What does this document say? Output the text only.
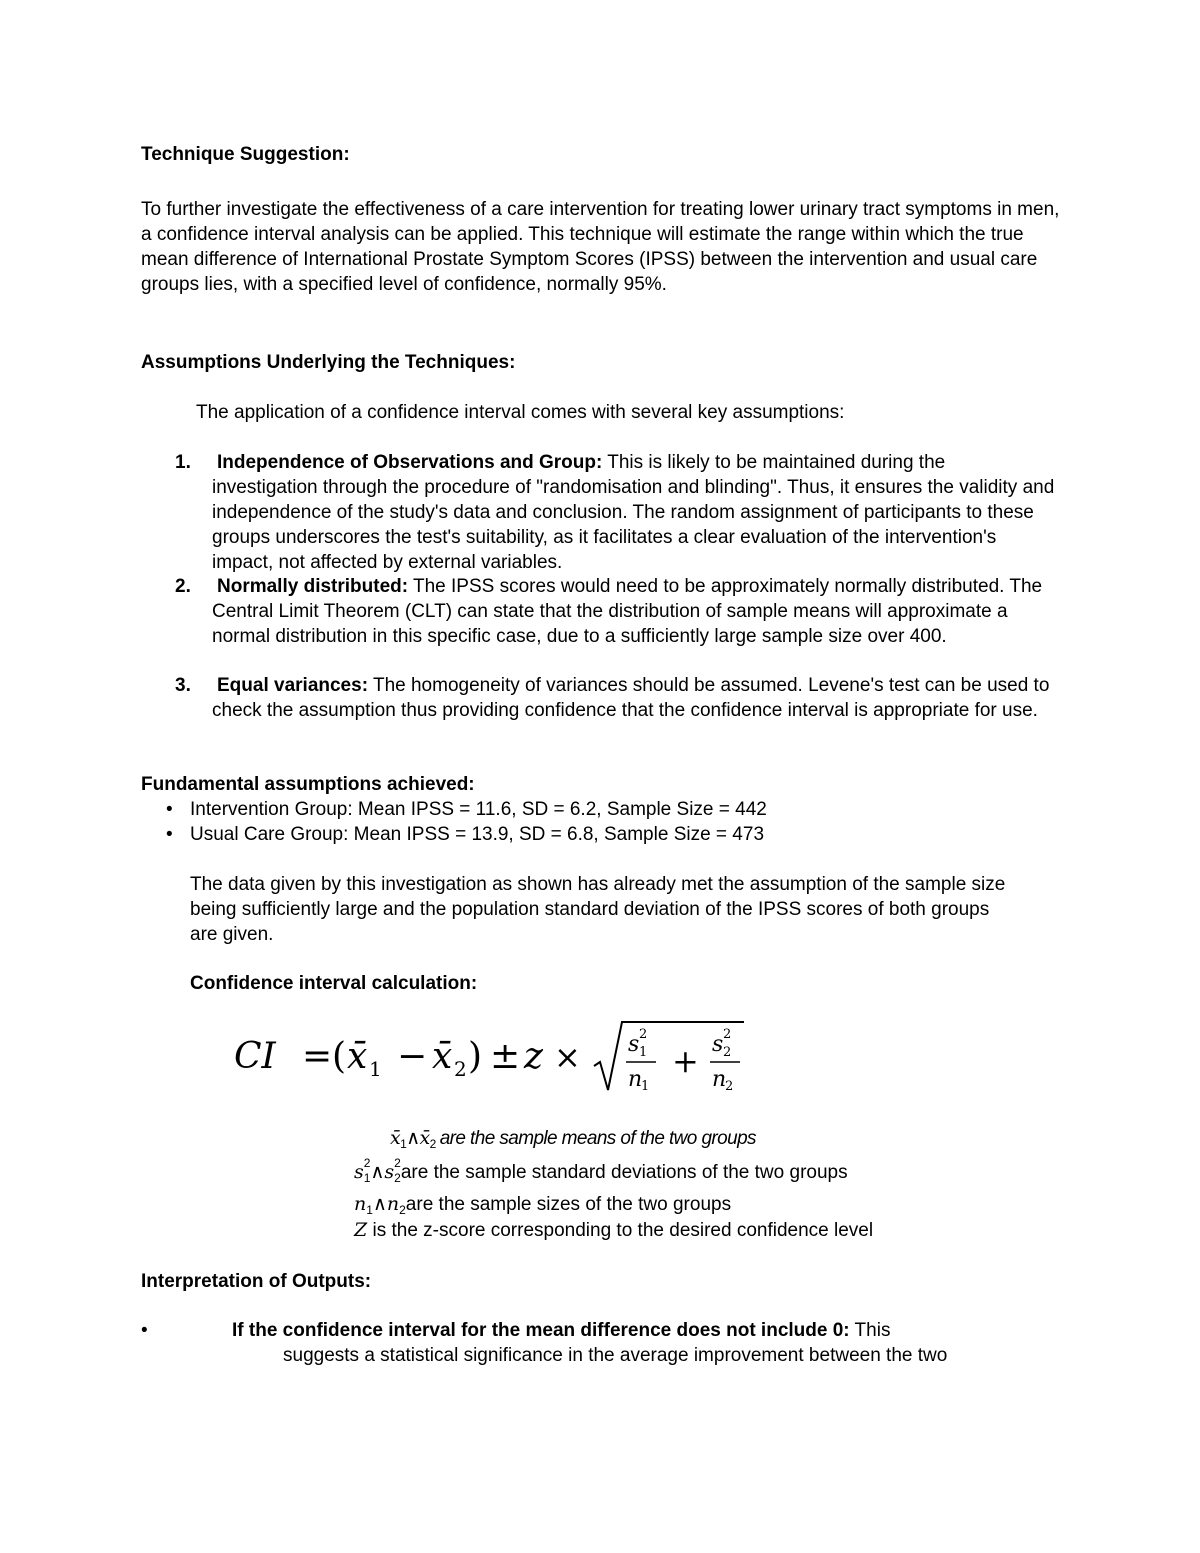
Technique Suggestion:
To further investigate the effectiveness of a care intervention for treating lower urinary tract symptoms in men, a confidence interval analysis can be applied. This technique will estimate the range within which the true mean difference of International Prostate Symptom Scores (IPSS) between the intervention and usual care groups lies, with a specified level of confidence, normally 95%.
Assumptions Underlying the Techniques:
The application of a confidence interval comes with several key assumptions:
1. Independence of Observations and Group: This is likely to be maintained during the investigation through the procedure of "randomisation and blinding". Thus, it ensures the validity and independence of the study's data and conclusion. The random assignment of participants to these groups underscores the test's suitability, as it facilitates a clear evaluation of the intervention's impact, not affected by external variables.
2. Normally distributed: The IPSS scores would need to be approximately normally distributed. The Central Limit Theorem (CLT) can state that the distribution of sample means will approximate a normal distribution in this specific case, due to a sufficiently large sample size over 400.
3. Equal variances: The homogeneity of variances should be assumed. Levene's test can be used to check the assumption thus providing confidence that the confidence interval is appropriate for use.
Fundamental assumptions achieved:
• Intervention Group: Mean IPSS = 11.6, SD = 6.2, Sample Size = 442
• Usual Care Group: Mean IPSS = 13.9, SD = 6.8, Sample Size = 473
The data given by this investigation as shown has already met the assumption of the sample size being sufficiently large and the population standard deviation of the IPSS scores of both groups are given.
Confidence interval calculation:
CI = ( x̄ 1 − x̄ 2 ) ± z × s 2
1
n
1
+ s 2
2
n
2
$x̄_1\wedge x̄_2$ are the sample means of the two groups
s 2
$_1$∧s 2
$_2$are the sample standard deviations of the two groups
$n_1\wedge n_2are$ the sample sizes of the two groups
Z is the z-score corresponding to the desired confidence level
Interpretation of Outputs:
•	If the confidence interval for the mean difference does not include 0: This
suggests a statistical significance in the average improvement between the two
